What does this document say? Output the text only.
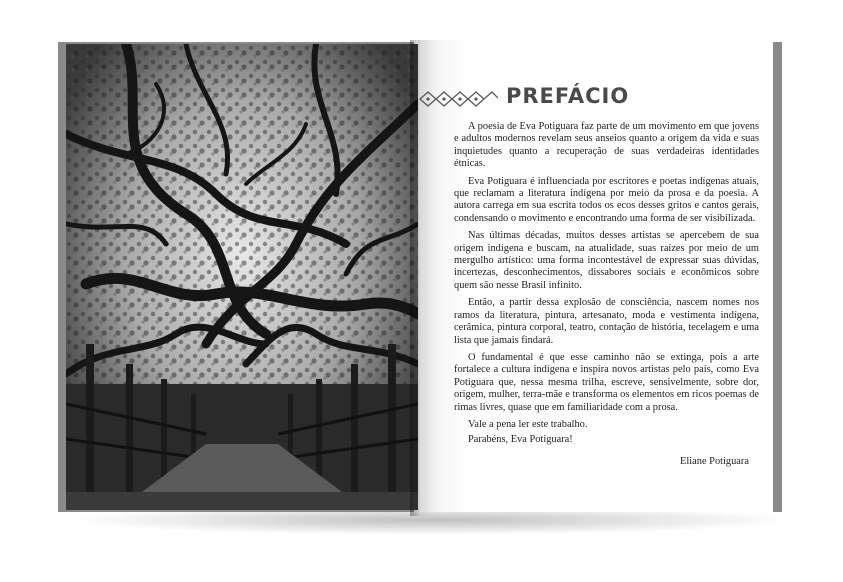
PREFÁCIO

A poesia de Eva Potiguara faz parte de um movimento em que jovens e adultos modernos revelam seus anseios quanto a origem da vida e suas inquietudes quanto a recuperação de suas verdadeiras identidades étnicas.

Eva Potiguara é influenciada por escritores e poetas indígenas atuais, que reclamam a literatura indígena por meio da prosa e da poesia. A autora carrega em sua escrita todos os ecos desses gritos e cantos gerais, condensando o movimento e encontrando uma forma de ser visibilizada.

Nas últimas décadas, muitos desses artistas se apercebem de sua origem indígena e buscam, na atualidade, suas raízes por meio de um mergulho artístico: uma forma incontestável de expressar suas dúvidas, incertezas, desconhecimentos, dissabores sociais e econômicos sobre quem são nesse Brasil infinito.

Então, a partir dessa explosão de consciência, nascem nomes nos ramos da literatura, pintura, artesanato, moda e vestimenta indígena, cerâmica, pintura corporal, teatro, contação de história, tecelagem e uma lista que jamais findará.

O fundamental é que esse caminho não se extinga, pois a arte fortalece a cultura indígena e inspira novos artistas pelo país, como Eva Potiguara que, nessa mesma trilha, escreve, sensivelmente, sobre dor, origem, mulher, terra-mãe e transforma os elementos em ricos poemas de rimas livres, quase que em familiaridade com a prosa.

Vale a pena ler este trabalho.

Parabéns, Eva Potiguara!

Eliane Potiguara
